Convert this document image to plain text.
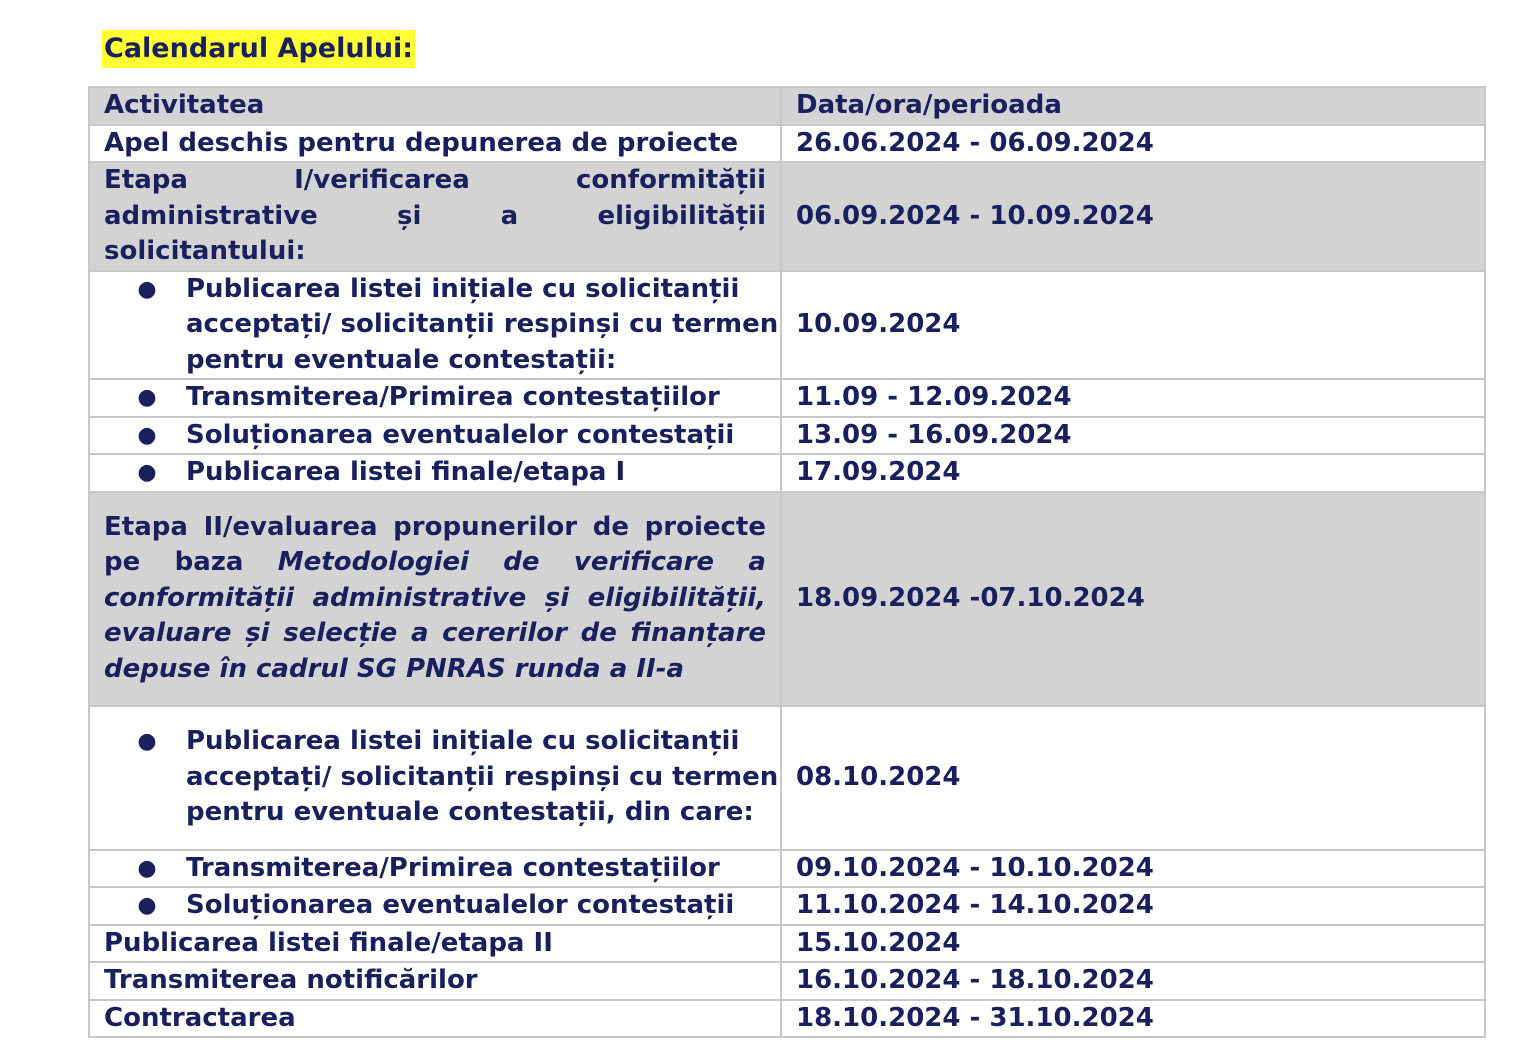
Calendarul Apelului:
Activitatea	Data/ora/perioada
Apel deschis pentru depunerea de proiecte	26.06.2024 - 06.09.2024
Etapa I/verificarea conformității administrative și a eligibilității solicitantului:	06.09.2024 - 10.09.2024

● Publicarea listei inițiale cu solicitanții acceptați/ solicitanții respinși cu termen pentru eventuale contestații:	10.09.2024

● Transmiterea/Primirea contestațiilor	11.09 - 12.09.2024

● Soluționarea eventualelor contestații	13.09 - 16.09.2024

● Publicarea listei finale/etapa I	17.09.2024
Etapa II/evaluarea propunerilor de proiecte pe baza Metodologiei de verificare a conformității administrative și eligibilității, evaluare și selecție a cererilor de finanțare depuse în cadrul SG PNRAS runda a II-a	18.09.2024 -07.10.2024

● Publicarea listei inițiale cu solicitanții acceptați/ solicitanții respinși cu termen pentru eventuale contestații, din care:	08.10.2024

● Transmiterea/Primirea contestațiilor	09.10.2024 - 10.10.2024

● Soluționarea eventualelor contestații	11.10.2024 - 14.10.2024
Publicarea listei finale/etapa II	15.10.2024
Transmiterea notificărilor	16.10.2024 - 18.10.2024
Contractarea	18.10.2024 - 31.10.2024
